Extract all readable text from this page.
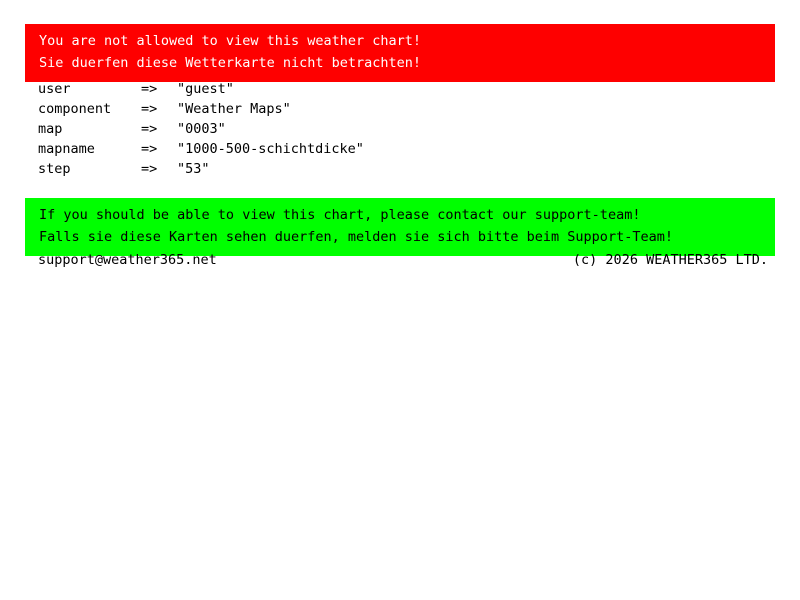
You are not allowed to view this weather chart!
Sie duerfen diese Wetterkarte nicht betrachten!
user	=>	"guest"
component	=>	"Weather Maps"
map	=>	"0003"
mapname	=>	"1000-500-schichtdicke"
step	=>	"53"
If you should be able to view this chart, please contact our support-team!
Falls sie diese Karten sehen duerfen, melden sie sich bitte beim Support-Team!
support@weather365.net	(c) 2026 WEATHER365 LTD.
